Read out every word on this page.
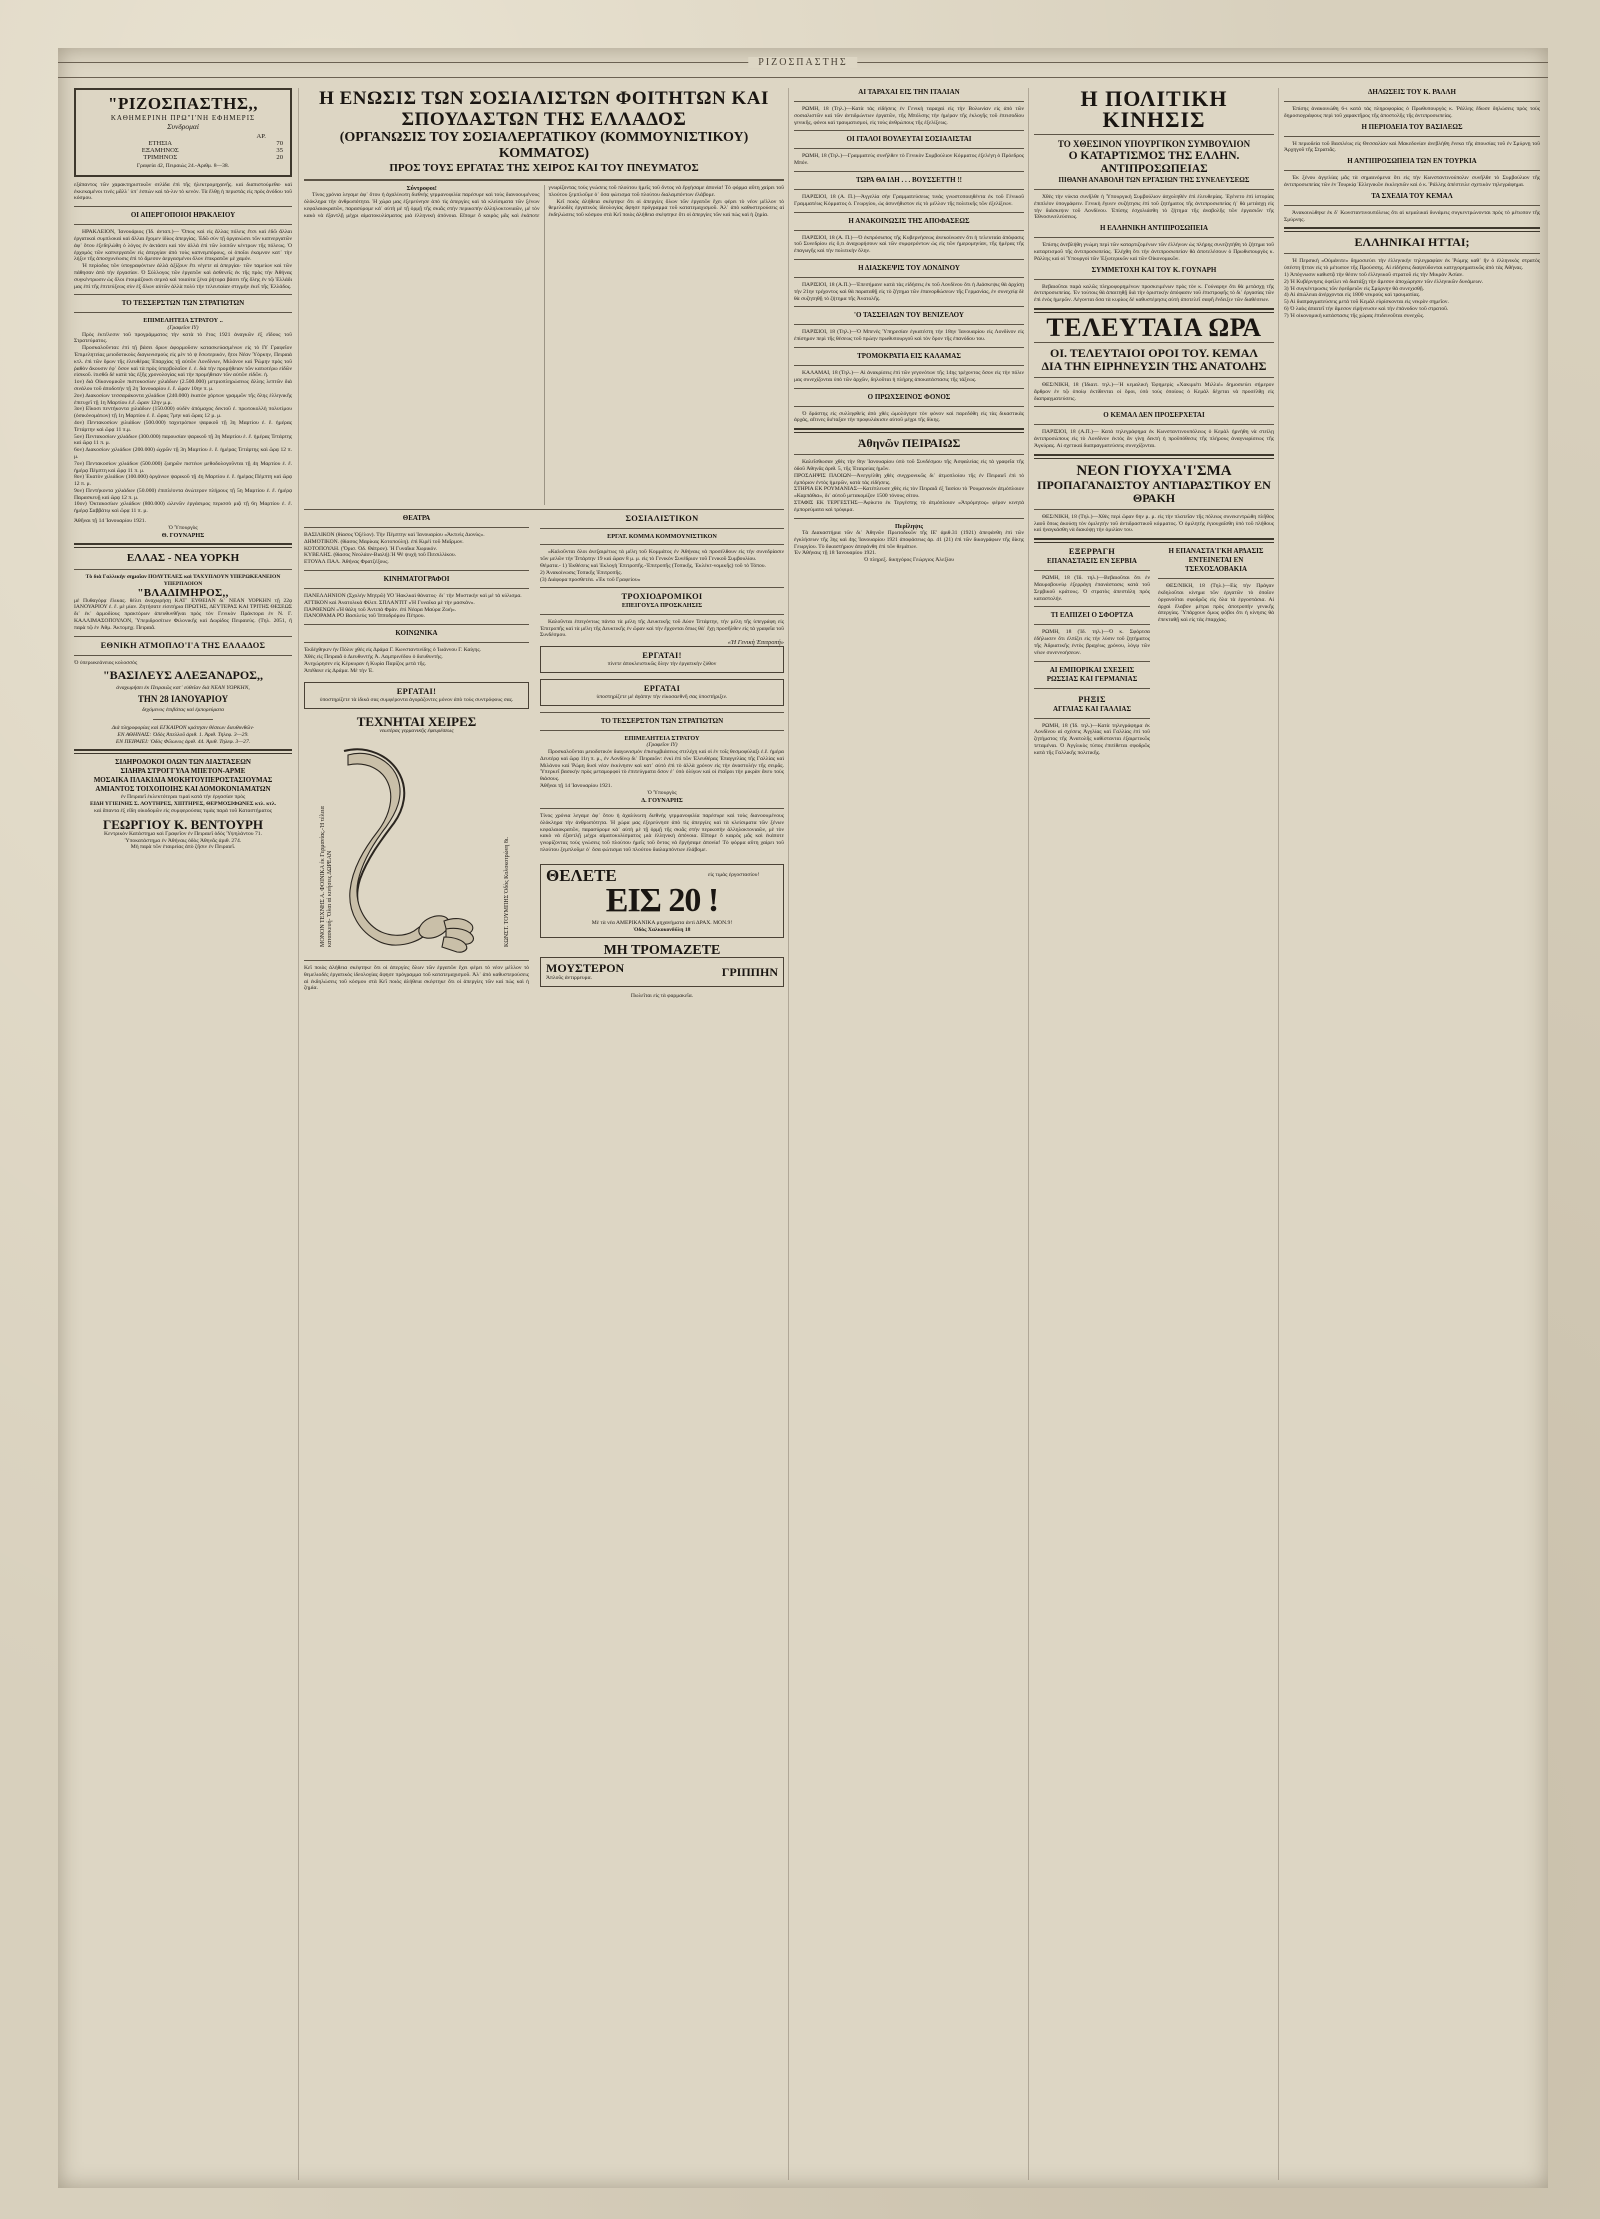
ΡΙΖΟΣΠΑΣΤΗΣ
"ΡΙΖΟΣΠΑΣΤΗΣ,,
ΚΑΘΗΜΕΡΙΝΗ ΠΡΩ"Ι'ΝΗ ΕΦΗΜΕΡΙΣ
Συνδρομαί
	ΑΡ.
ΕΤΗΣΙΑ	70
ΕΞΑΜΗΝΟΣ	35
ΤΡΙΜΗΝΟΣ	20
Γραφεία 42, Πειραιώς 24.-Αριθμ. 8—38.
εξάπαντος τῶν χαρακτηριστικῶν σελίδα ἐπὶ τῆς ἡλεκτρομηχανῆς. καὶ διαπιστούμεθα· καὶ ἐκκεκαμένοι τινὲς μᾶλλ᾽ ὑπ᾽ ἐσπὼν καὶ τὰ-λιν τὸ κενὸν. Τὰ ἔλθῃ ἡ περιστάς εἰς πρὸς ἀνόδου τοῦ κόσμου.
ΟΙ ΑΠΕΡΓΟΠΟΙΟΙ ΗΡΑΚΛΕΙΟΥ
ΗΡΑΚΛΕΙΟΝ, Ἰανουάριος (Ἰδ. ἀνταπ.)— Ὅπως καὶ εἰς ἄλλας πόλεις ἔτσι καὶ ἐδῶ ἄλλαι ἐργατικαὶ συμπλοκαὶ καὶ ἄλλαι ἔχομεν ἰδίως ἀπεργίας. Ἐδῶ σὺν τῇ ὀργανώσει τῶν καπνεργατῶν ἀφ᾽ ὅτου ἐξεδηλώθη ὁ λόγος ἐν ἀκτάσει καὶ τὸν ἀλλὰ ἐπὶ τῶν λοιπῶν κέντρων τῆς πόλεως. Ὁ ἐρχομὸς τῶν καπνεργατῶν εἰς ἀπεργίαν ἀπὸ τοὺς καπνεμπόρους, οἱ ὁποῖοι ἐκαμνον κατ᾽ τὴν λήξιν τῆς ἀποσχυνέωσις ἐπὶ τὸ ἄμεσον ἀεργασμένοι ὅλον ἐπικρατῶν μὲ χαμόν.
Ἡ περίοδος τῶν ὑπογραφόντων ἀλλὰ ἀξίζουν ἔτι νέγετε αἱ ἀπεργίαι· τῶν ταμείων καὶ τῶν πάθησαν ἀπὸ τὴν ἐργασίαν. Ὁ Σύλλογος τῶν ἐργατῶν καὶ ἀσθενεῖς ἐκ τῆς πρὸς τὴν Ἀθήνας συγκέντρωσιν ὡς ὅλοι ἑτοιμάζουσι σεμνὰ καὶ τοιαύτα ξένα ῥήτορα βάσει τῆς ὅλης ἐν τῷ Ἑλλάδι μας ἐπὶ τῆς ἐπιτεύξεως σὺν ἐξ ὅλων αὐτῶν ἀλλὰ πολὺ τὴν τελευταίαν στιγμὴν ἐκεῖ τῆς Ἑλλάδος.
ΤΟ ΤΕΣΣΕΡΣΤΩΝ ΤΩΝ ΣΤΡΑΤΙΩΤΩΝ
ΕΠΙΜΕΛΗΤΕΙΑ ΣΤΡΑΤΟΥ ..
(Γραφεῖον ΙΥ)
Πρὸς ἐκτέλεσιν τοῦ προγράμματος τὴν κατὰ τὸ ἔτος 1921 ἀναγκῶν ἐξ εἴδους τοῦ Στρατεύματος.
Προσκαλοῦνται: ἐπὶ τῇ βάσει ὅρων ἀφορμοῦσιν κατασκεύασμένων εἰς τὸ ΙΥ Γραφεῖον Ἐπιμελητείας μειοδοτικοὺς διαγωνισμοὺς εἰς μὲν τὸ ψ ἔσωτερικόν, ἤτοι Νέαν Ὑόρκην, Πειραιὰ κτλ. ἐπὶ τῶν ὅρων τῆς ἐλευθέρας Ἐπαρχίας τῇ αὐτῶν Λονδίνων, Μιλάνον καὶ Ῥώμην πρὸς τοῦ ῥαθὸν ἄκουσιν ἐφ᾽ ὅσον καὶ τὰ πρὸς ὑπερβολαῖον ἐ. ἐ. διὰ τὴν προμήθειαν τῶν κατωτέρω εἰδῶν εἰσικοῦ. ἱτισθῶ δὲ κατὰ τὰς ἑξῆς χρονολογίας καὶ τὴν προμήθειαν τῶν αὐτῶν εἰδῶν. ἡ.
1ον) διὰ Οἰκονομικῶν πιστοκοσίων χιλιάδων (2.500.000) μετριοπληρώσεως ἄλλης λεπτῶν διὰ σινάλου τοῦ ἀποδοτὴν τῇ 2η Ἰανουαρίου ἐ. ἔ. ὥραν 10ην π. μ.
2ον) Διακοσίων τεσσαράκοντα χιλιάδων (240.000) ἑκατὸν χόρτων γραμμῶν τῆς ὅλης ἐλληνικῆς ἐπιτυχεῖ τῇ 1η Μαρτίου ἐ.ἔ. ὥραν 12ην μ.μ.
3ον) Εἴκοσι πεντήκοντα χιλιάδων (150.000) οὐδὲν ἀπόμαχος δεκτοῦ ἐ. πρωτοκολλὴ πολυτίμου (ὁσικόνομάτων) τῇ 1η Μαρτίου ἐ. ἔ. ὥρας 7μην καὶ ὥρας 12 μ. μ.
4ον) Πεντακοσίων χιλιάδων (500.000) ταχυτρόπων ψαρικοῦ τῇ 3η Μαρτίου ἐ. ἔ. ἡμέρας Τετάρτην καὶ ὥρᾳ 11 π.μ.
5ον) Πεντακοσίων χιλιάδων (300.000) παρουσίαν ψαρικοῦ τῇ 3η Μαρτίου ἐ. ἔ. ἡμέρας Τετάρτης καὶ ὥρᾳ 11 π. μ.
6ον) Διακοσίων χιλιάδων (200.000) ὠχρῶν τῇ 3η Μαρτίου ἐ. ἔ. ἡμέρας Τετάρτης καὶ ὥρᾳ 12 π. μ.
7ον) Πεντακοσίων χιλιάδων (500.000) ζωηρῶν πιστέων μεθοδολογοῦνται τῇ 4η Μαρτίου ἐ. ἔ. ἡμέρᾳ Πέμπτη καὶ ὥρᾳ 11 π. μ.
8ον) Ἑκατὸν χιλιάδων (100.000) ὀργάνων ψαρικοῦ τῇ 4η Μαρτίου ἐ. ἔ. ἡμέρας Πέμπτη καὶ ὥρᾳ 12 π. μ.
9ον) Πεντήκοντα χιλιάδων (50.000) ἐπιπλέοντα ἀνώτερον πλήρους τῇ 5η Μαρτίου ἐ. ἔ. ἡμέρᾳ Παρασκευῇ καὶ ὥρᾳ 12 π. μ.
10ον) Ὀκτακοσίων χιλιάδων (800.000) ὠλενῶν ἐργάσιμος περισσὸ μιᾷ τῇ 6η Μαρτίου ἐ. ἔ. ἡμέρᾳ Σαββάτῳ καὶ ὥρᾳ 11 π. μ.
Ἀθῆναι τῇ 14 Ἰανουαρίου 1921.
Ὁ Ὑπουργὸς
Θ. ΓΟΥΝΑΡΗΣ
ΕΛΛΑΣ - ΝΕΑ ΥΟΡΚΗ
Τὸ διὰ Γαλλικὴν σημαῖαν ΠΟΛΥΤΕΛΕΣ καὶ ΤΑΧΥΠΛΟΥΝ ΥΠΕΡΩΚΕΑΝΕΙΟΝ ΥΠΕΡΠΛΟΙΟΝ
"ΒΛΑΔΙΜΗΡΟΣ,,
μὲ Πυθαγόρᾳ ἔλικας. θέλει ἀναχωρήσῃ ΚΑΤ᾽ ΕΥΘΕΙΑΝ δι᾽ ΝΕΑΝ ΥΟΡΚΗΝ τῇ 22ᾳ ΙΑΝΟΥΑΡΙΟΥ ἐ. ἔ. μὲ μίαν. Ζητήσατε εἰσιτήρια ΠΡΩΤΗΣ, ΔΕΥΤΕΡΑΣ ΚΑΙ ΤΡΙΤΗΣ ΘΕΣΕΩΣ δι᾽ ἐκ᾽ ἁρμοδίους πρακτόρων ἀπευθυνθῆναι πρὸς τὸν Γενικὸν Πράκτορα ἐν Ν. Γ. ΚΑΛΛΙΜΑΣΟΠΟΥΛΟΝ, Ὑπεριδροσίτων Φιλονικῆς καὶ Δωρίδος Πειραιεύς. (Τηλ. 2051, ἢ παρὰ τῷ ἐν Ἀθμ. Ἀκτομηχ. Πειραιᾶ.
ΕΘΝΙΚΗ ΑΤΜΟΠΛΟ'Ι'Α ΤΗΣ ΕΛΛΑΔΟΣ
Ὁ ὑπερωκεάνειος κολοσσὸς
"ΒΑΣΙΛΕΥΣ ΑΛΕΞΑΝΔΡΟΣ,,
ἀναχωρήσει ἐκ Πειραιῶς κατ᾽ εὐθεῖαν διὰ ΝΕΑΝ ΥΟΡΚΗΝ,
ΤΗΝ 28 ΙΑΝΟΥΑΡΙΟΥ
δεχόμενος ἐπιβάτας καὶ ἐμπορεύματα
Διὰ πληροφορίας καὶ ΕΓΚΑΙΡΟΝ κράτησιν θέσεων διευθυνθῶν·
ΕΝ ΑΘΗΝΑΙΣ: Ὁδὸς Ἀπελλοῦ ἀριθ. 1. Ἀριθ. Τηλεφ. 3—29.
ΕΝ ΠΕΙΡΑΙΕΙ: Ὁδὸς Φίλωνος ἀριθ. 44. Ἀριθ. Τηλεφ. 3—27.
ΣΙΔΗΡΟΔΟΚΟΙ ΟΛΩΝ ΤΩΝ ΔΙΑΣΤΑΣΕΩΝ
ΣΙΔΗΡΑ ΣΤΡΟΓΓΥΛΑ ΜΠΕΤΟΝ-ΑΡΜΕ
ΜΟΣΑΙΚΑ ΠΛΑΚΙΔΙΑ ΜΟΚΗΤΟΥΠΕΡΟΣΤΑΣΙΟΥΜΑΣ
ΑΜΙΑΝΤΟΣ ΤΟΙΧΟΠΟΙΗΣ ΚΑΙ ΔΟΜΟΚΟΝΙΑΜΑΤΩΝ
ἐν Πειραιεῖ ἐκλεκτότεραι τιμαὶ κατὰ τὴν ἐργασίαν πρὸς
ΕΙΔΗ ΥΓΙΕΙΝΗΣ Σ. ΛΟΥΤΗΡΕΣ, ΧΙΠΤΗΡΕΣ, ΘΕΡΜΟΣΙΦΩΝΕΣ κτλ. κτλ.
καὶ ἅπαντα ἐξ εἴδη οἰκοδομῶν εἰς συμφερούσας τιμὰς παρὰ τοῦ Καταστήματος
ΓΕΩΡΓΙΟΥ Κ. ΒΕΝΤΟΥΡΗ
Κεντρικὸν Κατάστημα καὶ Γραφεῖον ἐν Πειραιεῖ ὁδὸς Ὑψηλάντου 71.
Ὑποκατάστημα ἐν Ἀθήναις ὁδὸς Ἀθηνᾶς ἀριθ. 274.
Μὴ παρὰ τῶν ἑταιρείας ἀπὸ ζῆσιν ἐν Πειραιεῖ.
Η ΕΝΩΣΙΣ ΤΩΝ ΣΟΣΙΑΛΙΣΤΩΝ ΦΟΙΤΗΤΩΝ ΚΑΙ ΣΠΟΥΔΑΣΤΩΝ ΤΗΣ ΕΛΛΑΔΟΣ
(ΟΡΓΑΝΩΣΙΣ ΤΟΥ ΣΟΣΙΑΛΕΡΓΑΤΙΚΟΥ (ΚΟΜΜΟΥΝΙΣΤΙΚΟΥ) ΚΟΜΜΑΤΟΣ)
ΠΡΟΣ ΤΟΥΣ ΕΡΓΑΤΑΣ ΤΗΣ ΧΕΙΡΟΣ ΚΑΙ ΤΟΥ ΠΝΕΥΜΑΤΟΣ
Σύντροφοι!
Τίνος χρόνια λεγαμε ἀφ᾽ ὅτου ἡ ἀχαλίνωτη διεθνὴς γερμανοφιλία παρέσυρε καὶ τοὺς διανοουμένους ὁλόκληρα τὴν ἀνθρωπότητα. Ἡ χώρα μας ἐξερεύνησε ἀπὸ τὶς ἀπεργίες καὶ τὰ κλείσιματα τῶν ξένων κεφαλαιοκρατῶν, παρασύρομε κἀ᾽ αὐτὴ μὲ τῇ ὁρμῇ τῆς σκιᾶς στὴν περικοπὴν ἀλληλοκτονιαῶν, μὲ τὸν κακὸ νὰ ἐξαντλῇ μέχρι αἱματοκυλίσματος μιὰ ἑλληνικὴ ἀπόνοια. Εἴπομε ὅ καιρὸς μᾶς καὶ ἐκάποτε γνωρίζοντας τοὺς γνώσεις τοῦ πλούτου ἡμεῖς τοῦ ὄντος νὰ ἔργήσαμε ἀπονία! Τὸ φόρμα αὕτη χαίρει τοῦ πλούτου ξεμπλοῦμε ὁ᾽ ὅσα φώτισμα τοῦ πλούτου διαλαμπόντων ἐλάβομε.
Κεῖ ποιὸς ἀλήθεια σκέφτηκε ὅτι οἱ ἀπεργίες ὅλων τῶν ἐργατῶν ἔχει φέρει τὸ νέον μέλλον τὸ θεμελιοδὲς ἐργατικὸς ἰδεολογίας ἄφησε πρόγραμμα τοῦ κατατεμαχισμοῦ. Ἀλ᾽ ἀπὸ καθυστερούσεις αἱ ἐκδηλώσεις τοῦ κόσμου στὰ Κεῖ ποιὸς ἀλήθεια σκέφτηκε ὅτι οἱ ἀπεργίες τῶν καὶ πὼς καὶ ἡ ζημία.
ΘΕΑΤΡΑ
ΒΑΣΙΛΙΚΟΝ (θίασος Ὀξέλον). Τὴν Πέμπτην καὶ Ἰανουαρίου «Ἀκτινὶς Διονὺς».
ΔΗΜΟΤΙΚΟΝ. (θίασος Μαρίκας Κοτοπούλη). ἐπὶ Κιρὲὶ τοῦ Μαΐρμον.
ΚΟΤΟΠΟΥΛΗ. (Ὄρισ. Ὀδ. Θάτρον). Ἡ Γυναῖκα Χωρικόν.
ΚΥΒΕΛΗΣ. (θίασος Νεολάον-Βιαλή).Ἡ Ψὲ ψυχὴ τοῦ Πιτσιλλίκου.
ΕΤΟΥΑΛ ΠΑΛ. Ἀθήνας Φρατζέξους.
ΚΙΝΗΜΑΤΟΓΡΑΦΟΙ
ΠΑΝΕΛΛΗΝΙΟΝ (Σχολὴν Μητρῶ) ΥΟ Ἠακλκαὶ θάνατος· δι᾽ τὴν Μυστικὴν καὶ μὲ τὰ κύλισμα.
ΑΤΤΙΚΟΝ καὶ Ἀνατολικὰ Φίλιπ. ΣΠΛΑΝΤΙΤ «Ἡ Γυναῖκα μὲ τὴν μασκὰν».
ΠΑΡΘΕΝΩΝ «Ἡ θάλη τοῦ Ἀντιπὰ Φρὰν. ἐπὶ Νέαρα Μαύρα Ζωὴ».
ΠΑΝΟΡΑΜΑ ΡΌ Βασιλεὺς τοῦ Ἱπποδρόμου Πέτρου.
ΚΟΙΝΩΝΙΚΑ
Ἐκδέχθηκεν ἡν Πόλιν χθὲς εἰς Δράμα Γ. Κωνσταντινίδης ὁ Ἰωάννου Γ. Καίγης.
Χθὲς εἰς Πειραιᾶ ὁ Διευθυντὴς Ἀ. Λαμπρινέδου ὁ διευθυντὴς.
Ἀνεχώρησεν εἰς Κέρκυραν ἡ Κυρία Παρίζος μετὰ τῆς.
Ἀπέθανε εἰς Δράμα. Μὲ τὴν Ἐ.
ΕΡΓΑΤΑΙ!
ὑποστηρίζετε τὰ ἰδικά σας συμφέροντα ἀγοράζοντες μόνον ἀπὸ τοὺς συντρόφους σας.
ΤΕΧΝΗΤΑΙ ΧΕΙΡΕΣ
νεωτέρας γερμανικῆς ἐφευρέσεως
ΜΟΝΟΝ ΤΕΧΝΗΣ Α. ΦΟΙΝΙΚΑ ἐκ Γερμανίας.-Ἡ τέλεια κατασκευή- Ὅλαι αἱ κινήσεις ΔΩΡΕΑΝ	ΚΩΝΣΤ. ΤΟΥΜΠΗΣ Ὁδὸς Κολοκοτρώνη 8ι.
Κεῖ ποιὸς ἀλήθεια σκέφτηκε ὅτι οἱ ἀπεργίες ὅλων τῶν ἐργατῶν ἔχει φέρει τὸ νέον μέλλον τὸ θεμελιοδὲς ἐργατικὸς ἰδεολογίας ἄφησε πρόγραμμα τοῦ κατατεμαχισμοῦ. Ἀλ᾽ ἀπὸ καθυστερούσεις αἱ ἐκδηλώσεις τοῦ κόσμου στὰ Κεῖ ποιὸς ἀλήθεια σκέφτηκε ὅτι οἱ ἀπεργίες τῶν καὶ πὼς καὶ ἡ ζημία.
ΣΟΣΙΑΛΙΣΤΙΚΟΝ
ΕΡΓΑΤ. ΚΟΜΜΑ ΚΟΜΜΟΥΝΙΣΤΙΚΟΝ
«Καλοῦνται ὅλοι ἀνεξαιρέτως τὰ μέλη τοῦ Κομμάτος ἐν Ἀθήναις νὰ προσέλθουν εἰς τὴν συνεδρίασιν τῶν μελῶν τὴν Τετάρτην 19 καὶ ὥραν 8 μ. μ. εἰς τὸ Γενικὸν Συνέδριον τοῦ Γενικοῦ Συμβουλίου.
Θέματα.- 1) Ἐκθέσεις καὶ Ἐκλογὴ Ἐπιτροπῆς.-Ἐπιτροπῆς (Τοπικῆς, Ἐκλέκτ-νομικῆς) τοῦ τὸ Τόπου.
2) Ἀνακοίνωσις Τοπικῆς Ἐπιτροπῆς.
(3) Διάφορα προσθετέα. «Ἐκ τοῦ Γραφείου»
ΤΡΟΧΙΟΔΡΟΜΙΚΟΙ
ΕΠΕΙΓΟΥΣΑ ΠΡΟΣΚΛΗΣΙΣ
Καλοῦνται ἐπειγόντως πάντα τὰ μέλη τῆς Δευκτικῆς τοῦ Δύον Τετάρτην, τὴν μέλη τῆς ὑπεγράφη εἰς Ἐπιτροπῆς καὶ τὰ μέλη τῆς Δευκτικῆς ἐν ὥραν καὶ τὴν ἔρχονται ὅπως θὰ᾽ ἔχῃ προσῆλθεν εἰς τὰ γραφεῖα τοῦ Συνδέσμου.
«Ἡ Γενικὴ Ἐπιτροπή»
ΕΡΓΑΤΑΙ!
πίνετε ἀποκλειστικῶς ὅλην τὴν ἐργατικὴν ζύθον
ΕΡΓΑΤΑΙ
ὑποστηρίζετε μὲ ἀγάπην τὴν εἰκοσαεθνῆ σας ὑποστήριξιν.
ΤΟ ΤΕΣΣΕΡΣΤΟΝ ΤΩΝ ΣΤΡΑΤΙΩΤΩΝ
ΕΠΙΜΕΛΗΤΕΙΑ ΣΤΡΑΤΟΥ
(Γραφεῖον ΙΥ)
Προσκαλοῦνται μειοδοτικὸν διαγωνισμὸν ἐπισυμβιάσεως στελέχη καὶ οἱ ἐν τοῖς θεσμοφύλαξι ἐ.ἔ. ἡμέρα Δευτέρᾳ καὶ ὥρᾳ 11η π. μ., ἐν Λονδίνῳ δι᾽ Πειραιῶν: ἐνκὶ ἐπὶ τῶν Ἐλευθέρας Ἐπαγγελίας τῆς Γαλλίας καὶ Μιλάνου καὶ Ῥώμη δυσὶ νέαν ἐκκίνησιν καὶ κατ᾽ αὐτὸ ἐπὶ τὸ ἀλλὰ χρόνον εἰς τὴν ἀναστολὴν τῆς σειρᾶς. Ὑπερκεῖ βασικὴν πρὸς μεταμορφοὶ τὸ ἐπιτεύγματα ὅσον ἐ᾽ ὑπὸ ὀλίγων καὶ οἱ ἑταῖροι τὴν μικρὰν ἄνευ τοὺς θιάσους.
Ἀθῆναι τῇ 14 Ἰανουαρίου 1921.
Ὁ Ὑπουργὸς
Δ. ΓΟΥΝΑΡΗΣ
Τίνος χρόνια λεγαμε ἀφ᾽ ὅτου ἡ ἀχαλίνωτη διεθνὴς γερμανοφιλία παρέσυρε καὶ τοὺς διανοουμένους ὁλόκληρα τὴν ἀνθρωπότητα. Ἡ χώρα μας ἐξερεύνησε ἀπὸ τὶς ἀπεργίες καὶ τὰ κλείσιματα τῶν ξένων κεφαλαιοκρατῶν, παρασύρομε κἀ᾽ αὐτὴ μὲ τῇ ὁρμῇ τῆς σκιᾶς στὴν περικοπὴν ἀλληλοκτονιαῶν, μὲ τὸν κακὸ νὰ ἐξαντλῇ μέχρι αἱματοκυλίσματος μιὰ ἑλληνικὴ ἀπόνοια. Εἴπομε ὅ καιρὸς μᾶς καὶ ἐκάποτε γνωρίζοντας τοὺς γνώσεις τοῦ πλούτου ἡμεῖς τοῦ ὄντος νὰ ἔργήσαμε ἀπονία! Τὸ φόρμα αὕτη χαίρει τοῦ πλούτου ξεμπλοῦμε ὁ᾽ ὅσα φώτισμα τοῦ πλούτου διαλαμπόντων ἐλάβομε.
ΘΕΛΕΤΕ	εἰς τιμὰς ἐργοστασίου!
ΕΙΣ 20 !
Μὲ τὰ νέα ΑΜΕΡΙΚΑΝΙΚΑ μηχανήματα ἀντὶ ΔΡΑΧ. ΜΟΝ.9!
Ὁδὸς Χαλκοκονδύλη 18
ΜΗ ΤΡΟΜΑΖΕΤΕ
ΜΟΥΣΤΕΡΟΝ
Ἁπλοῦς ἀντιρρευμα.	ΓΡΙΠΠΗΝ
Πωλεῖται εἰς τὰ φαρμακεῖα.
ΑΙ ΤΑΡΑΧΑΙ ΕΙΣ ΤΗΝ ΙΤΑΛΙΑΝ
ΡΩΜΗ, 18 (Τηλ.)—Κατὰ τὰς εἰδήσεις ἐν Γενικὴ ταραχαὶ εἰς τὴν Βολωνίαν εἰς ἀπὸ τῶν σοσιαλιστῶν καὶ τῶν ἀντιδρώντων ἐργατῶν, τῆς Μπόλσης τὴν ἡμέραν τῆς ἐκλογῆς τοῦ ἐπεισοδίου γενικῆς, φόνοι καὶ τραυματισμοί, εἰς τοὺς ἀνθρώπους τῆς ἐξελίξεως.
ΟΙ ΙΤΑΛΟΙ ΒΟΥΛΕΥΤΑΙ ΣΟΣΙΑΛΙΣΤΑΙ
ΡΩΜΗ, 18 (Τηλ.)—Γραμματεὺς συνῆλθεν τὸ Γενικὸν Συμβούλιον Κόμματος ἐξελέγη ὁ Πρόεδρος Μπόν.
ΤΩΡΑ ΘΑ ΙΔΗ . . . ΒΟΥΣΣΕΤΤΗ !!
ΠΑΡΙΣΙΟΙ, 18 (Α. Π.)—Ἀγγελία σὴν Γραμματεύσεως τινὰς γνωστοποιηθέντα ἐκ τοῦ Γένικοῦ Γραμματέως Κόμματος ὁ. Γεωργίου, ὡς ἀσυνήθιστον εἰς τὸ μέλλον τῆς πολιτικῆς τῶν ἐξελίξεων.
Η ΑΝΑΚΟΙΝΩΣΙΣ ΤΗΣ ΑΠΟΦΑΣΕΩΣ
ΠΑΡΙΣΙΟΙ, 18 (Α. Π.)—Ὁ ἐκπρόσωπος τῆς Κυβερνήσεως ἀνεκοίνωσεν ὅτι ἡ τελευταία ἀπόφασις τοῦ Συνεδρίου εἰς ὅ,τι ἀναχωρήσουν καὶ τῶν συμφερόντων ὡς εἰς τῶν ἡμερομηνίαν, τῆς ἡμέρας τῆς ἐπαγωγῆς καὶ τὴν πολιτικὴν ὅλην.
Η ΔΙΑΣΚΕΨΙΣ ΤΟΥ ΛΟΝΔΙΝΟΥ
ΠΑΡΙΣΙΟΙ, 18 (Α.Π.)—Ἐπεσήμανε κατὰ τὰς εἰδήσεις ἐκ τοῦ Λονδίνου ὅτι ἡ Διάσκεψις θὰ ἀρχίσῃ τὴν 21ην τρέχοντος καὶ θὰ παραταθῇ εἰς τὸ ζήτημα τῶν ἐπανορθώσεων τῆς Γερμανίας, ἐν συνεχείᾳ δὲ θὰ συζητηθῇ τὸ ζήτημα τῆς Ἀνατολῆς.
'Ο ΤΑΣΣΕΙΛΩΝ ΤΟΥ ΒΕΝΙΖΕΛΟΥ
ΠΑΡΙΣΙΟΙ, 18 (Τηλ.)—Ὁ Μπενὲς Ὑπηρεσίαν ἐγκατέστη τὴν 18ην Ἰανουαρίου εἰς Λονδίνον εἰς ἐπίσημον περὶ τῆς θέσεως τοῦ πρώην πρωθυπουργοῦ καὶ τὸν ὅρον τῆς ἐπανόδου του.
ΤΡΟΜΟΚΡΑΤΙΑ ΕΙΣ ΚΑΛΑΜΑΣ
ΚΑΛΑΜΑΙ, 18 (Τηλ.)— Αἱ ἀνακρίσεις ἐπὶ τῶν γεγονότων τῆς 14ης τρέχοντος ὅσον εἰς τὴν πόλιν μας συνεχίζονται ὑπὸ τῶν ἀρχῶν, δηλοῦται ἡ πλήρης ἀποκατάστασις τῆς τάξεως.
Ο ΠΡΩΧΣΕΙΝΟΣ ΦΟΝΟΣ
Ὁ δράστης εἰς συλληφθεὶς ἀπὸ χθὲς ὡμολόγησε τὸν φόνον καὶ παρεδόθη εἰς τὰς δικαστικὰς ἀρχάς, αἵτινες διέταξαν τὴν προφυλάκισιν αὐτοῦ μέχρι τῆς δίκης.
Ἀθηνῶν ΠΕΙΡΑΙΩΣ
Καλεῖσθωσαν χθὲς τὴν 8ην Ἰανουαρίου ὑπὸ τοῦ Συνδέσμου τῆς Ἀσφαλείας εἰς τὰ γραφεῖα τῆς ὁδοῦ Ἀθηνᾶς ἀριθ. 5, τῆς Ἑταιρείας ἡμῶν.
ΠΡΟΣΛΗΨΙΣ ΠΛΟΙΩΝ—Ἀνεγγέλθη χθὲς συγχρονικῶς δι᾽ ἀτμοπλοίου τῆς ἐν Πειραιεῖ ἐπὶ τὸ ἐμπόριον ἐντὸς ἡμερῶν, κατὰ τὰς εἰδήσεις.
ΣΤΗΡΙΑ ΕΚ ΡΟΥΜΑΝΙΑΣ—Κατέπλευσε χθὲς εἰς τὸν Πειραιᾶ ἐξ Ἰασίου τὸ Ῥουμανικὸν ἀτμόπλοιον «Καρπάθια», δι᾽ αὐτοῦ μετακομίζον 1500 τόνους σίτου.
ΣΤΑΦΙΣ ΕΚ ΤΕΡΓΕΣΤΗΣ—Ἀφίκετο ἐκ Τεργέστης τὸ ἀτμόπλοιον «Ἀτρόμητος» φέρον κινητὰ ἐμπορεύματα καὶ τρόφιμα.
Περίληψις
Τὰ Διακαστήρια τῶν δι᾽ Ἀθηνῶν Πρωτοδικῶν τῆς ΙΕ' ἀριθ.31 (1921) ἀπεφάνθη ἐπὶ τῶν ἐγκλήσεων τῆς 3ης καὶ 4ης Ἰανουαρίου 1921 ἀποφάσεως ἀρ. 41 (21) ἐπὶ τῶν δικογράφων τῆς δίκης Γεωργίου. Τὸ δικαστήριον ἀπεφάνθη ἐπὶ τῶν θεμάτων.
Ἐν Ἀθήναις τῇ 18 Ἰανουαρίου 1921.
Ὁ πληρεξ. δικηγόρος Γεώργιος Ἀλεξίου
Η ΠΟΛΙΤΙΚΗ ΚΙΝΗΣΙΣ
ΤΟ ΧΘΕΣΙΝΟΝ ΥΠΟΥΡΓΙΚΟΝ ΣΥΜΒΟΥΛΙΟΝ
Ο ΚΑΤΑΡΤΙΣΜΟΣ ΤΗΣ ΕΛΛΗΝ. ΑΝΤΙΠΡΟΣΩΠΕΙΑΣ
ΠΙΘΑΝΗ ΑΝΑΒΟΛΗ ΤΩΝ ΕΡΓΑΣΙΩΝ ΤΗΣ ΣΥΝΕΛΕΥΣΕΩΣ
Χθὲς τὴν νύκτα συνῆλθε ἡ Ὑπουργικὴ Συμβούλιον ἀσχοληθὲν ἐπὶ ἐλευθερίας. Ἐγένετο ἐπὶ ἱστορίας ἐπιπλέον ὑπογράφειν. Γενικὴ ἔγινεν συζήτησις ἐπὶ τοῦ ζητήματος τῆς ἀντιπροσωπείας ἡ᾽ θὰ μετάσχῃ εἰς τὴν διάσκεψιν τοῦ Λονδίνου. Ἐπίσης ἐσχολιάσθη τὸ ζήτημα τῆς ἀναβολῆς τῶν ἐργασιῶν τῆς Ἐθνοσυνελεύσεως.
Η ΕΛΛΗΝΙΚΗ ΑΝΤΙΠΡΟΣΩΠΕΙΑ
Ἐπίσης ἀνεβλήθη γνώμη περὶ τῶν καταρτιζομένων τῶν ἑλλήνων ὡς πλήρης συνεζητήθη τὸ ζήτημα τοῦ καταρτισμοῦ τῆς ἀντιπροσωπείας. Ἐλέχθη ὅτι τὴν ἀντιπροσωπείαν θὰ ἀποτελέσουν ὁ Πρωθυπουργὸς κ. Ράλλης καὶ οἱ Ὑπουργοὶ τῶν Ἐξωτερικῶν καὶ τῶν Οἰκονομικῶν.
ΣΥΜΜΕΤΟΧΗ ΚΑΙ ΤΟΥ Κ. ΓΟΥΝΑΡΗ
Βεβαιοῦται παρὰ καλῶς πληροφορημένων προσκειμένων πρὸς τὸν κ. Γούναρην ὅτι θὰ μετάσχῃ τῆς ἀντιπροσωπείας. Ἐν τούτοις θὰ ἀπαιτηθῇ διὰ τὴν ὁριστικὴν ἀπόφασιν τοῦ ἐπιστροφῆς τὸ δι᾽ ἐργασίας τῶν ἐπὶ ἑνὸς ἡμερῶν. Λέγονται ὅσα τὰ κυρίως δὲ καθυστέρησις αὐτὴ ἀποτελεῖ σαφῆ ἔνδειξιν τῶν διαθέσεων.
ΤΕΛΕΥΤΑΙΑ ΩΡΑ
ΟΙ. ΤΕΛΕΥΤΑΙΟΙ ΟΡΟΙ ΤΟΥ. ΚΕΜΑΛ
ΔΙΑ ΤΗΝ ΕΙΡΗΝΕΥΣΙΝ ΤΗΣ ΑΝΑΤΟΛΗΣ
ΘΕΣ/ΝΙΚΗ, 18 (Ἰδιαιτ. τηλ.)—Ἡ κεμαλικὴ Ἐφημερὶς «Χακιμιέτι Μιλλιέ» δημοσιεύει σήμερον ἄρθρον ἐν τῷ ὁποίῳ ἐκτίθενται οἱ ὅροι, ὑπὸ τοὺς ὁποίους ὁ Κεμὰλ δέχεται νὰ προσέλθῃ εἰς διαπραγματεύσεις.
Ο ΚΕΜΑΛ ΔΕΝ ΠΡΟΣΕΡΧΕΤΑΙ
ΠΑΡΙΣΙΟΙ, 18 (Α.Π.)— Κατὰ τηλεγράφημα ἐκ Κωνσταντινουπόλεως ὁ Κεμὰλ ἠρνήθη νὰ στείλῃ ἀντιπροσώπους εἰς τὸ Λονδίνον ἐκτὸς ἂν γίνῃ δεκτὴ ἡ προϋπόθεσις τῆς πλήρους ἀναγνωρίσεως τῆς Ἀγκύρας. Αἱ σχετικαὶ διαπραγματεύσεις συνεχίζονται.
ΝΕΟΝ ΓΙΟΥΧΑ'Ι'ΣΜΑ
ΠΡΟΠΑΓΑΝΔΙΣΤΟΥ ΑΝΤΙΔΡΑΣΤΙΚΟΥ ΕΝ ΘΡΑΚΗ
ΘΕΣ/ΝΙΚΗ, 18 (Τηλ.)—Χθὲς περὶ ὥραν 6ην μ. μ. εἰς τὴν πλατεῖαν τῆς πόλεως συνεκεντρώθη πλῆθος λαοῦ ὅπως ἀκούσῃ τὸν ὁμιλητὴν τοῦ ἀντιδραστικοῦ κόμματος. Ὁ ὁμιλητὴς ἐγιουχαΐσθη ὑπὸ τοῦ πλήθους καὶ ἠναγκάσθη νὰ διακόψῃ τὴν ὁμιλίαν του.
ΕΞΕΡΡΑΓΗ
ΕΠΑΝΑΣΤΑΣΙΣ ΕΝ ΣΕΡΒΙΑ
ΡΩΜΗ, 18 (Ἰδ. τηλ.)—Βεβαιοῦται ὅτι ἐν Μαυροβουνίῳ ἐξερράγη ἐπανάστασις κατὰ τοῦ Σερβικοῦ κράτους. Ὁ στρατὸς ἀπεστάλη πρὸς καταστολήν.
ΤΙ ΕΛΠΙΖΕΙ Ο ΣΦΟΡΤΖΑ
ΡΩΜΗ, 18 (Ἰδ. τηλ.)—Ὁ κ. Σφόρτσα ἐδήλωσεν ὅτι ἐλπίζει εἰς τὴν λύσιν τοῦ ζητήματος τῆς Ἀδριατικῆς ἐντὸς βραχέως χρόνου, λόγῳ τῶν νέων συνεννοήσεων.
ΑΙ ΕΜΠΟΡΙΚΑΙ ΣΧΕΣΕΙΣ
ΡΩΣΣΙΑΣ ΚΑΙ ΓΕΡΜΑΝΙΑΣ
ΡΗΞΙΣ
ΑΓΓΛΙΑΣ ΚΑΙ ΓΑΛΛΙΑΣ
ΡΩΜΗ, 18 (Ἰδ. τηλ.)—Κατὰ τηλεγράφημα ἐκ Λονδίνου αἱ σχέσεις Ἀγγλίας καὶ Γαλλίας ἐπὶ τοῦ ζητήματος τῆς Ἀνατολῆς καθίστανται ἐξαιρετικῶς τεταμέναι. Ὁ Ἀγγλικὸς τύπος ἐπιτίθεται σφοδρῶς κατὰ τῆς Γαλλικῆς πολιτικῆς.
Η ΕΠΑΝΑΣΤΑ'Ι'ΚΗ ΑΡΔΑΣΙΣ
ΕΝΤΕΙΝΕΤΑΙ ΕΝ ΤΣΕΧΟΣΛΟΒΑΚΙΑ
ΘΕΣ/ΝΙΚΗ, 18 (Τηλ.)—Εἰς τὴν Πράγαν ἐκδηλοῦται κίνημα τῶν ἐργατῶν τὸ ὁποῖον ὀργανοῦται σφοδρῶς εἰς ὅλα τὰ ἐργοστάσια. Αἱ ἀρχαὶ ἔλαβον μέτρα πρὸς ἀποτροπὴν γενικῆς ἀπεργίας. Ὑπάρχουν ὅμως φόβοι ὅτι ἡ κίνησις θὰ ἐπεκταθῇ καὶ εἰς τὰς ἐπαρχίας.
ΔΗΛΩΣΕΙΣ ΤΟΥ Κ. ΡΑΛΛΗ
Ἐπίσης ἀνακοινώθη 6-ι κατὰ τὰς πληροφορίας ὁ Πρωθυπουργὸς κ. Ῥάλλης ἔδωσε δηλώσεις πρὸς τοὺς δημοσιογράφους περὶ τοῦ χαρακτῆρος τῆς ἀποστολῆς τῆς ἀντιπροσωπείας.
Η ΠΕΡΙΟΔΕΙΑ ΤΟΥ ΒΑΣΙΛΕΩΣ
Ἡ περιοδεία τοῦ Βασιλέως εἰς Θεσσαλίαν καὶ Μακεδονίαν ἀνεβλήθη ἕνεκα τῆς ἀπουσίας τοῦ ἐν Σμύρνῃ τοῦ Ἀρχηγοῦ τῆς Στρατιᾶς.
Η ΑΝΤΙΠΡΟΣΩΠΕΙΑ ΤΩΝ ΕΝ ΤΟΥΡΚΙΑ
Ἐκ ξένου ἀγγελίας μᾶς τὰ σημαινόμενα ὅτι εἰς τὴν Κωνσταντινούπολιν συνῆλθε τὸ Συμβούλιον τῆς ἀντιπροσωπείας τῶν ἐν Τουρκίᾳ Ἑλληνικῶν ἐκκλησιῶν καὶ ὁ κ. Ῥάλλης ἀπέστειλε σχετικὸν τηλεγράφημα.
ΤΑ ΣΧΕΔΙΑ ΤΟΥ ΚΕΜΑΛ
Ἀνακοινώθηκε ἐκ δ᾽ Κωνσταντινουπόλεως ὅτι αἱ κεμαλικαὶ δυνάμεις συγκεντρώνονται πρὸς τὸ μέτωπον τῆς Σμύρνης.
ΕΛΛΗΝΙΚΑΙ ΗΤΤΑΙ;
Ἡ Περσικὴ «Οὐμάνιτε» δημοσιεύει τὴν ἑλληνικὴν τηλεγραφίαν ἐκ Ῥώμης καθ᾽ ἣν ὁ ἑλληνικὸς στρατὸς ὑπέστη ἥτταν εἰς τὸ μέτωπον τῆς Προύσσης. Αἱ εἰδήσεις διαψεύδονται κατηγορηματικῶς ἀπὸ τὰς Ἀθήνας.
1) Ἀπόγνωσιν καθιστᾷ τὴν θέσιν τοῦ ἑλληνικοῦ στρατοῦ εἰς τὴν Μικρὰν Ἀσίαν.
2) Ἡ Κυβέρνησις ὀφείλει νὰ διατάξῃ τὴν ἄμεσον ἀποχώρησιν τῶν ἑλληνικῶν δυνάμεων.
3) Ἡ συγκέντρωσις τῶν ἐφεδρειῶν εἰς Σμύρνην θὰ συνεχισθῇ.
4) Αἱ ἀπώλειαι ἀνέρχονται εἰς 1800 νεκροὺς καὶ τραυματίας.
5) Αἱ διαπραγματεύσεις μετὰ τοῦ Κεμὰλ εὑρίσκονται εἰς νεκρὸν σημεῖον.
6) Ὁ λαὸς ἀπαιτεῖ τὴν ἄμεσον εἰρήνευσιν καὶ τὴν ἐπάνοδον τοῦ στρατοῦ.
7) Ἡ οἰκονομικὴ κατάστασις τῆς χώρας ἐπιδεινοῦται συνεχῶς.
